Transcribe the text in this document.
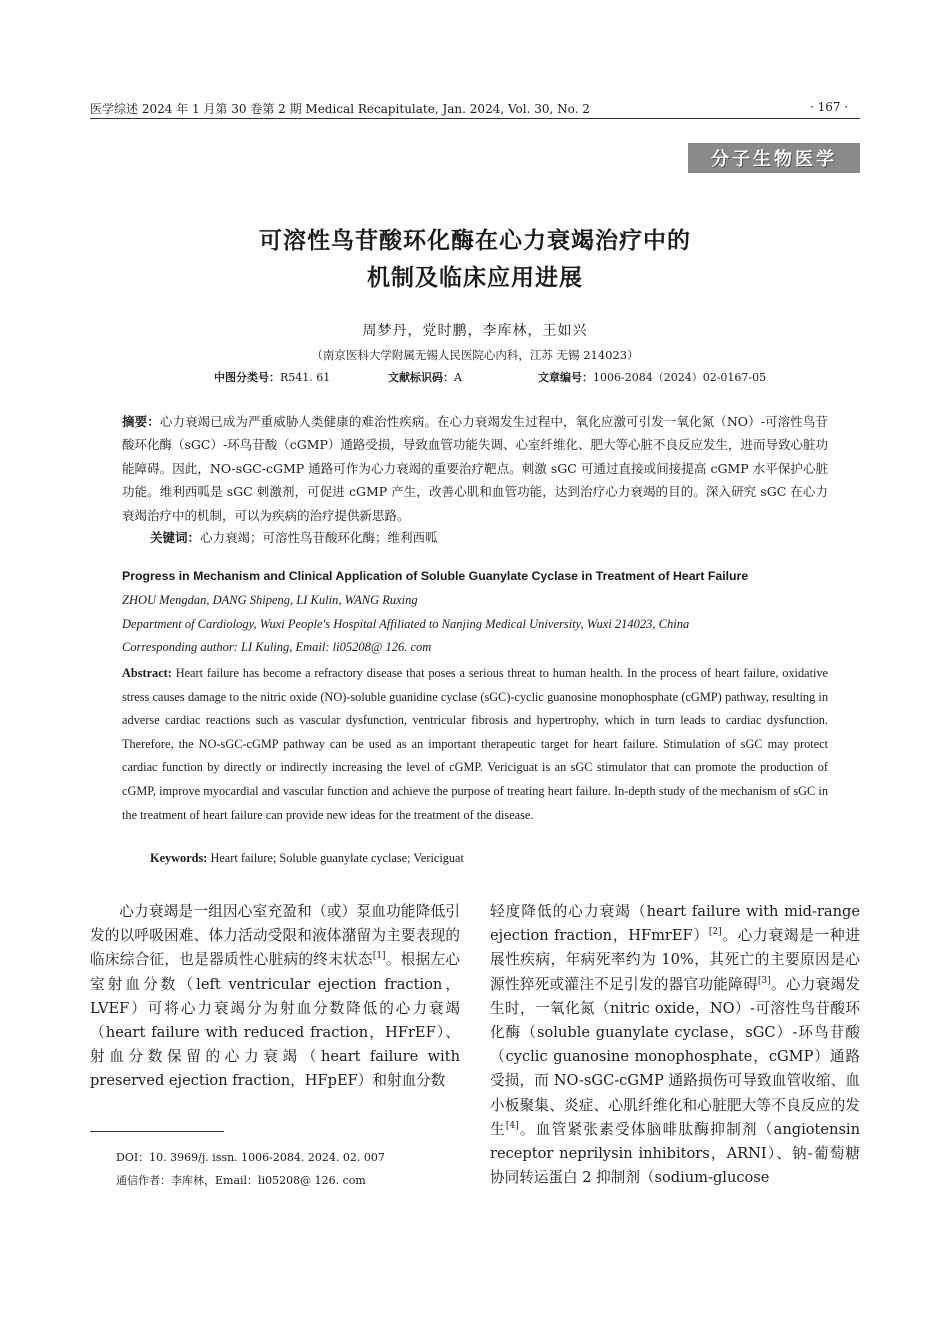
医学综述 2024 年 1 月第 30 卷第 2 期 Medical Recapitulate, Jan. 2024, Vol. 30, No. 2	· 167 ·
分子生物医学
可溶性鸟苷酸环化酶在心力衰竭治疗中的
机制及临床应用进展
周梦丹，党时鹏，李库林，王如兴
（南京医科大学附属无锡人民医院心内科，江苏 无锡 214023）
中图分类号：R541. 61	文献标识码：A	文章编号：1006-2084（2024）02-0167-05
摘要：心力衰竭已成为严重威胁人类健康的难治性疾病。在心力衰竭发生过程中，氧化应激可引发一氧化氮（NO）-可溶性鸟苷酸环化酶（sGC）-环鸟苷酸（cGMP）通路受损，导致血管功能失调、心室纤维化、肥大等心脏不良反应发生，进而导致心脏功能障碍。因此，NO-sGC-cGMP 通路可作为心力衰竭的重要治疗靶点。刺激 sGC 可通过直接或间接提高 cGMP 水平保护心脏功能。维利西呱是 sGC 刺激剂，可促进 cGMP 产生，改善心肌和血管功能，达到治疗心力衰竭的目的。深入研究 sGC 在心力衰竭治疗中的机制，可以为疾病的治疗提供新思路。
关键词：心力衰竭；可溶性鸟苷酸环化酶；维利西呱
Progress in Mechanism and Clinical Application of Soluble Guanylate Cyclase in Treatment of Heart Failure
ZHOU Mengdan, DANG Shipeng, LI Kulin, WANG Ruxing
Department of Cardiology, Wuxi People's Hospital Affiliated to Nanjing Medical University, Wuxi 214023, China
Corresponding author: LI Kuling, Email: li05208@ 126. com
Abstract: Heart failure has become a refractory disease that poses a serious threat to human health. In the process of heart failure, oxidative stress causes damage to the nitric oxide (NO)-soluble guanidine cyclase (sGC)-cyclic guanosine monophosphate (cGMP) pathway, resulting in adverse cardiac reactions such as vascular dysfunction, ventricular fibrosis and hypertrophy, which in turn leads to cardiac dysfunction. Therefore, the NO-sGC-cGMP pathway can be used as an important therapeutic target for heart failure. Stimulation of sGC may protect cardiac function by directly or indirectly increasing the level of cGMP. Vericiguat is an sGC stimulator that can promote the production of cGMP, improve myocardial and vascular function and achieve the purpose of treating heart failure. In-depth study of the mechanism of sGC in the treatment of heart failure can provide new ideas for the treatment of the disease.
Keywords: Heart failure; Soluble guanylate cyclase; Vericiguat

心力衰竭是一组因心室充盈和（或）泵血功能降低引发的以呼吸困难、体力活动受限和液体潴留为主要表现的临床综合征，也是器质性心脏病的终末状态[1]。根据左心室射血分数（left ventricular ejection fraction，LVEF）可将心力衰竭分为射血分数降低的心力衰竭（heart failure with reduced fraction，HFrEF）、射血分数保留的心力衰竭（heart failure with preserved ejection fraction，HFpEF）和射血分数

轻度降低的心力衰竭（heart failure with mid-range ejection fraction，HFmrEF）[2]。心力衰竭是一种进展性疾病，年病死率约为 10%，其死亡的主要原因是心源性猝死或灌注不足引发的器官功能障碍[3]。心力衰竭发生时，一氧化氮（nitric oxide，NO）-可溶性鸟苷酸环化酶（soluble guanylate cyclase，sGC）-环鸟苷酸（cyclic guanosine monophosphate，cGMP）通路受损，而 NO-sGC-cGMP 通路损伤可导致血管收缩、血小板聚集、炎症、心肌纤维化和心脏肥大等不良反应的发生[4]。血管紧张素受体脑啡肽酶抑制剂（angiotensin receptor neprilysin inhibitors，ARNI）、钠-葡萄糖协同转运蛋白 2 抑制剂（sodium-glucose

DOI：10. 3969/j. issn. 1006-2084. 2024. 02. 007
通信作者：李库林，Email：li05208@ 126. com
